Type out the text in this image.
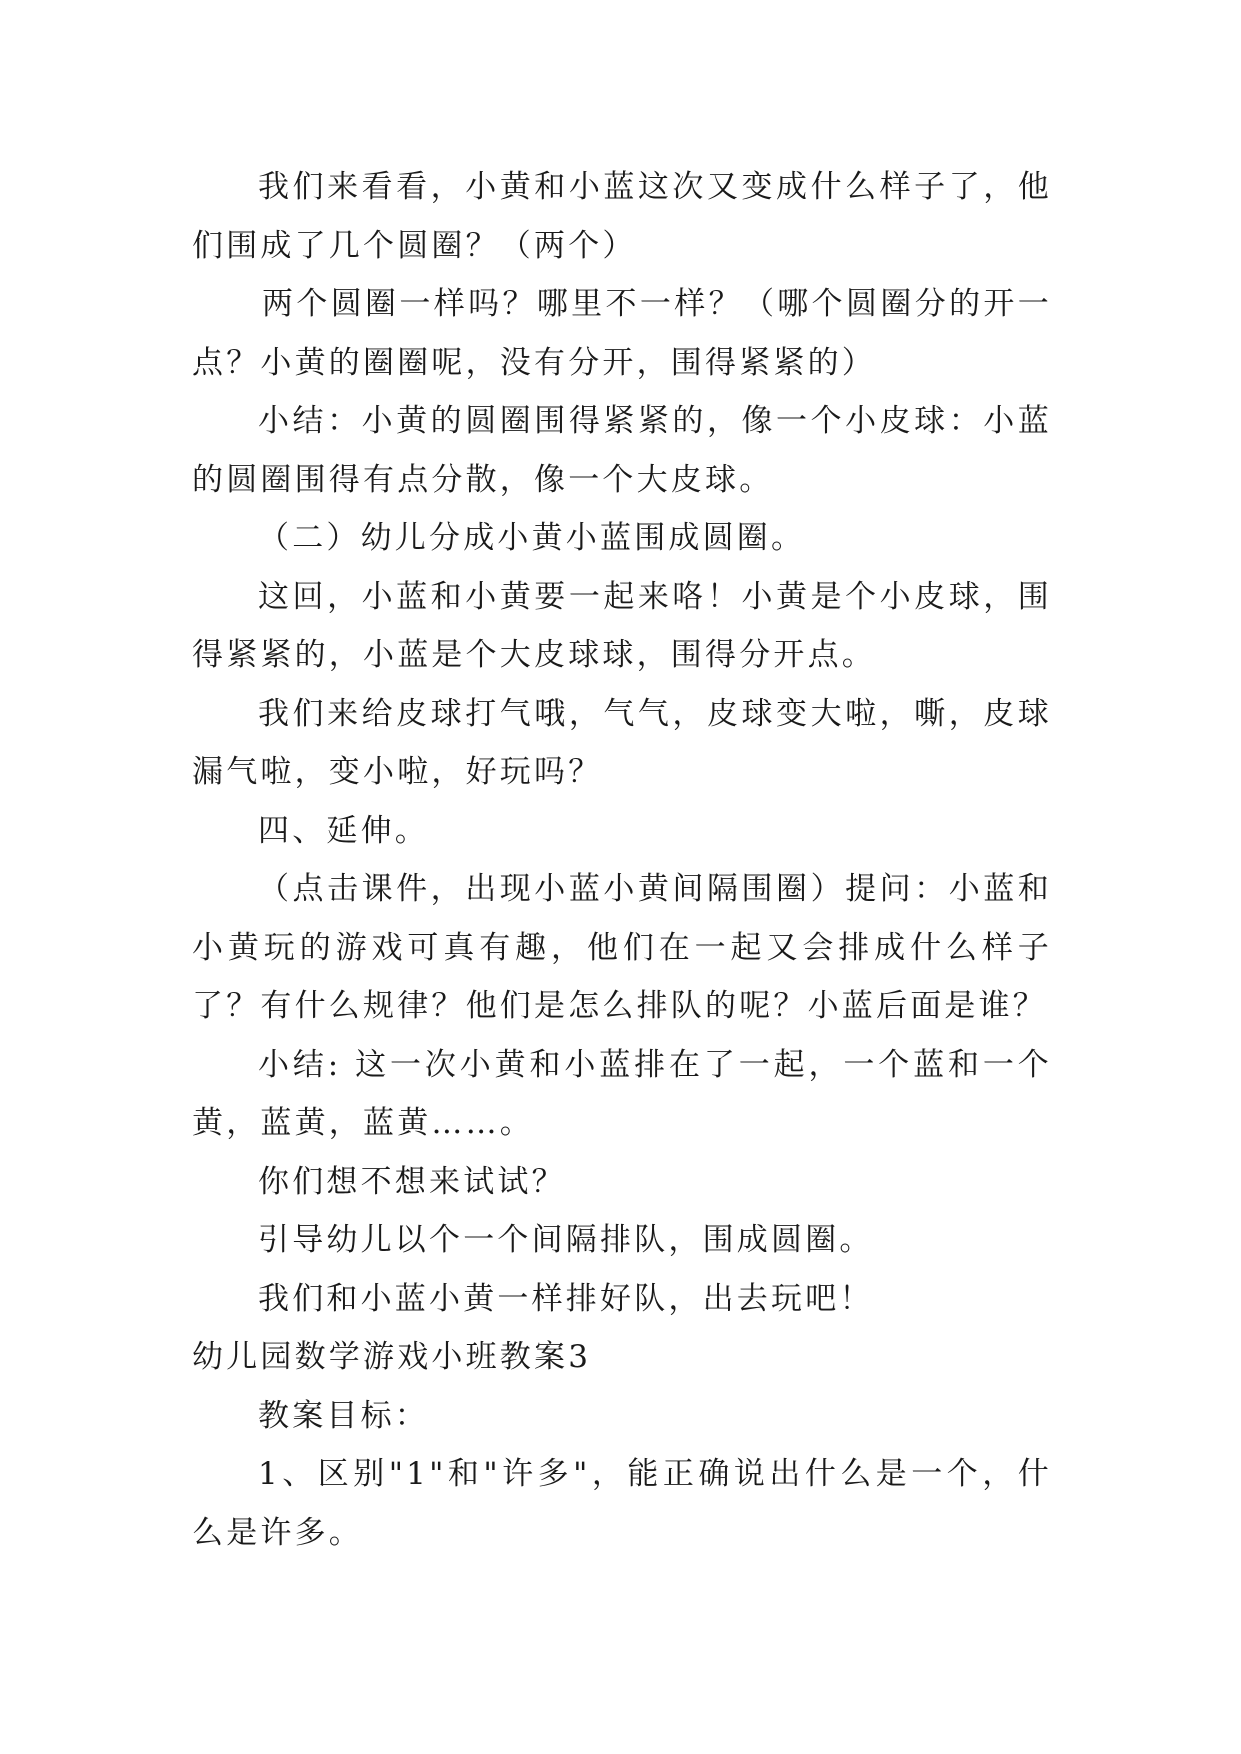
我们来看看，小黄和小蓝这次又变成什么样子了，他们围成了几个圆圈？（两个）

两个圆圈一样吗？哪里不一样？（哪个圆圈分的开一点？小黄的圈圈呢，没有分开，围得紧紧的）

小结：小黄的圆圈围得紧紧的，像一个小皮球：小蓝的圆圈围得有点分散，像一个大皮球。

（二）幼儿分成小黄小蓝围成圆圈。

这回，小蓝和小黄要一起来咯！小黄是个小皮球，围得紧紧的，小蓝是个大皮球球，围得分开点。

我们来给皮球打气哦，气气，皮球变大啦，嘶，皮球漏气啦，变小啦，好玩吗？

四、延伸。

（点击课件，出现小蓝小黄间隔围圈）提问：小蓝和小黄玩的游戏可真有趣，他们在一起又会排成什么样子了？有什么规律？他们是怎么排队的呢？小蓝后面是谁？

小结: 这一次小黄和小蓝排在了一起，一个蓝和一个黄，蓝黄，蓝黄……。

你们想不想来试试？

引导幼儿以个一个间隔排队，围成圆圈。

我们和小蓝小黄一样排好队，出去玩吧！

幼儿园数学游戏小班教案3

教案目标：

1、区别"1"和"许多"，能正确说出什么是一个，什么是许多。
